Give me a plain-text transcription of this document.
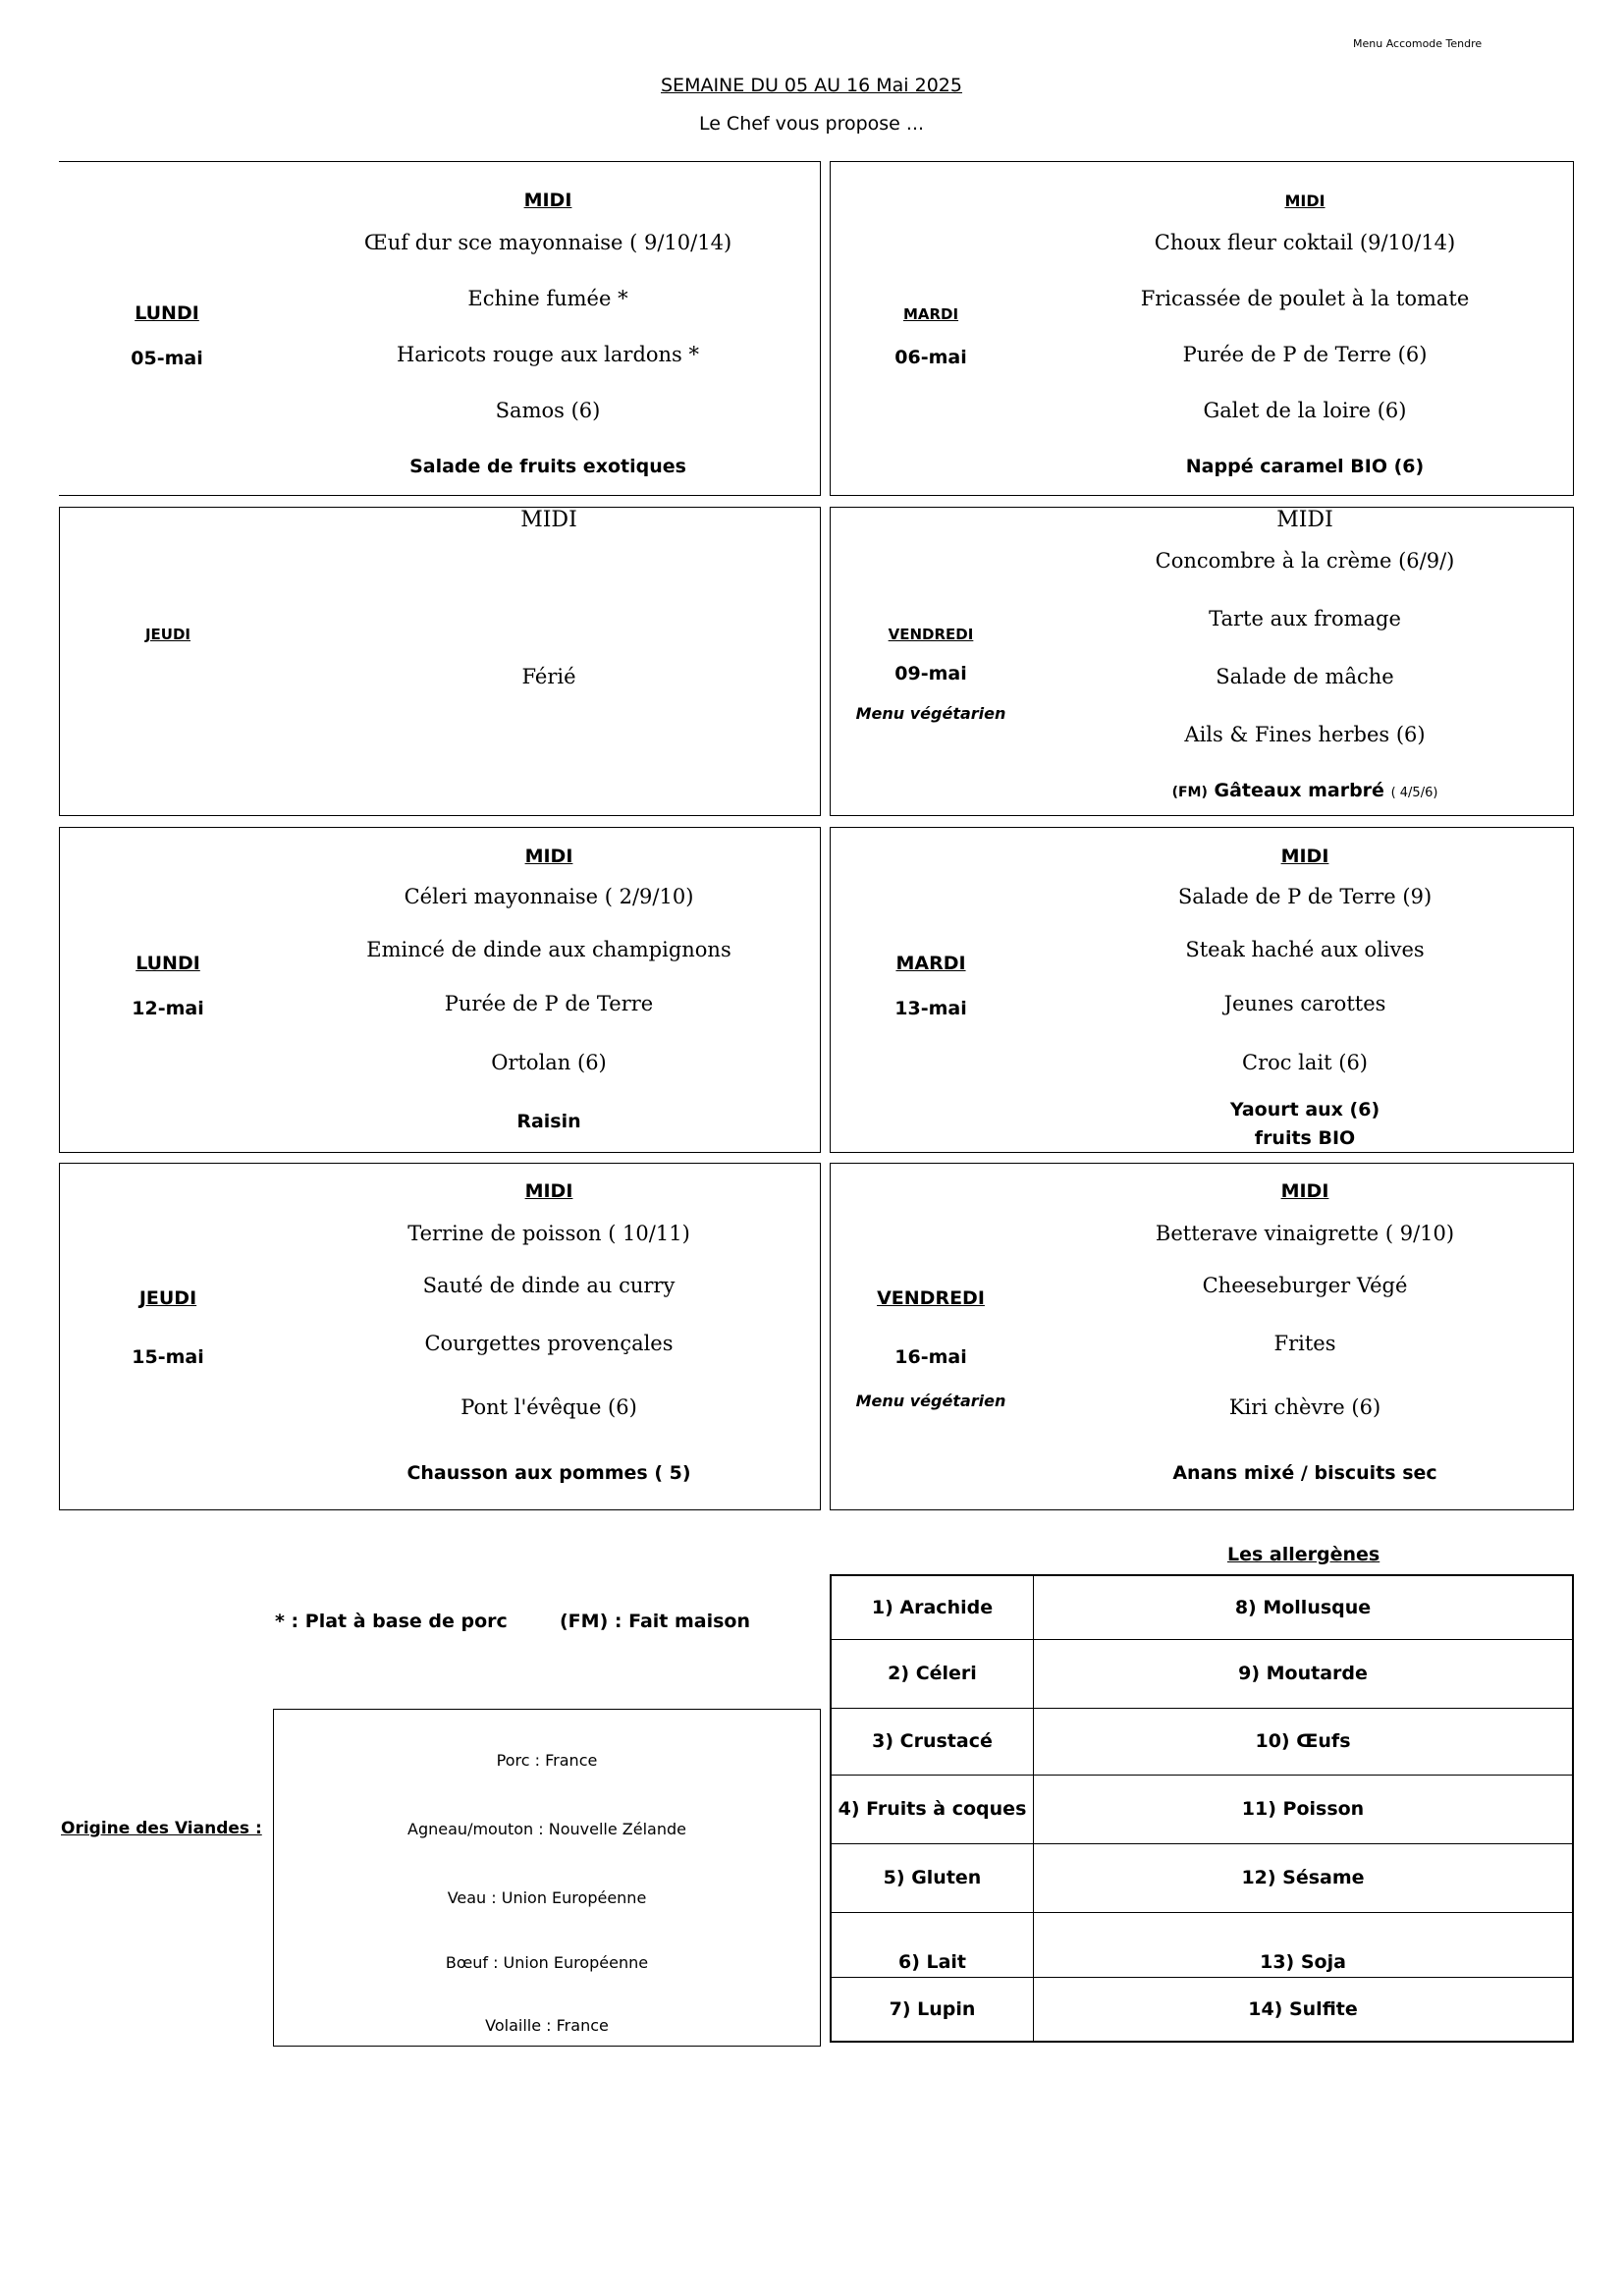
Menu Accomode Tendre
SEMAINE DU 05 AU 16 Mai 2025
Le Chef vous propose ...
LUNDI
05-mai
MIDI
Œuf dur sce mayonnaise ( 9/10/14)
Echine fumée *
Haricots rouge aux lardons *
Samos (6)
Salade de fruits exotiques
MARDI
06-mai
MIDI
Choux fleur coktail (9/10/14)
Fricassée de poulet à la tomate
Purée de P de Terre (6)
Galet de la loire (6)
Nappé caramel BIO (6)
JEUDI
MIDI
Férié
VENDREDI
09-mai
Menu végétarien
MIDI
Concombre à la crème (6/9/)
Tarte aux fromage
Salade de mâche
Ails & Fines herbes (6)
(FM) Gâteaux marbré ( 4/5/6)
LUNDI
12-mai
MIDI
Céleri mayonnaise ( 2/9/10)
Emincé de dinde aux champignons
Purée de P de Terre
Ortolan (6)
Raisin
MARDI
13-mai
MIDI
Salade de P de Terre (9)
Steak haché aux olives
Jeunes carottes
Croc lait (6)
Yaourt aux (6)
fruits BIO
JEUDI
15-mai
MIDI
Terrine de poisson ( 10/11)
Sauté de dinde au curry
Courgettes provençales
Pont l'évêque (6)
Chausson aux pommes ( 5)
VENDREDI
16-mai
Menu végétarien
MIDI
Betterave vinaigrette ( 9/10)
Cheeseburger Végé
Frites
Kiri chèvre (6)
Anans mixé / biscuits sec
* : Plat à base de porc	(FM) : Fait maison
Origine des Viandes :
Porc : France
Agneau/mouton : Nouvelle Zélande
Veau : Union Européenne
Bœuf : Union Européenne
Volaille : France
Les allergènes
1) Arachide	8) Mollusque
2) Céleri	9) Moutarde
3) Crustacé	10) Œufs
4) Fruits à coques	11) Poisson
5) Gluten	12) Sésame
6) Lait	13) Soja
7) Lupin	14) Sulfite
